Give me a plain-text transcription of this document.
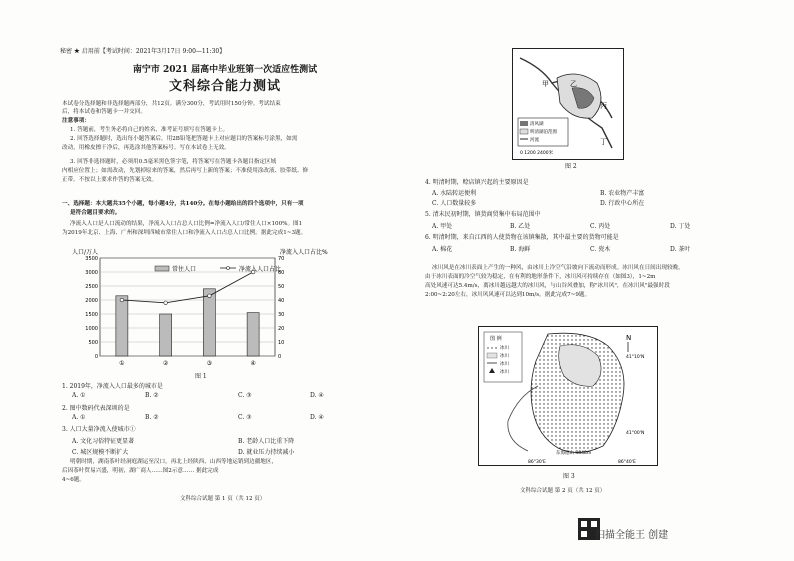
秘密 ★ 启用前【考试时间：2021年3月17日 9:00—11:30】
南宁市 2021 届高中毕业班第一次适应性测试
文科综合能力测试
本试卷分选择题和非选择题两部分，共12页。满分300分，考试用时150分钟。考试结束
后，将本试卷和答题卡一并交回。
注意事项：
1. 答题前，考生务必将自己的姓名、准考证号填写在答题卡上。
2. 回答选择题时，选出每小题答案后，用2B铅笔把答题卡上对应题目的答案标号涂黑，如需
改动，用橡皮擦干净后，再选涂其他答案标号。写在本试卷上无效。
3. 回答非选择题时，必须用0.5毫米黑色签字笔，将答案写在答题卡各题目指定区域
内相应位置上；如需改动，先划掉原来的答案，然后再写上新的答案；不准使用涂改液、胶带纸、修
正带。不按以上要求作答的答案无效。
一、选择题：本大题共35个小题，每小题4分，共140分。在每小题给出的四个选项中，只有一项
是符合题目要求的。
净流入人口是人口流动的结果，净流入人口占总人口比例=净流入人口/常住人口×100%。图1
为2019年北京、上海、广州和深圳四城市常住人口和净流入人口占总人口比例。据此完成1~3题。
人口/万人	净流入人口占比%
0
500
1000
1500
2000
2500
3000
3500
0
10
20
30
40
50
60
70
①	②	③	④
常住人口	净流入人口占比
图 1
1. 2019年，净流入人口最多的城市是
A. ①	B. ②	C. ③	D. ④
2. 图中数码代表深圳的是
A. ①	B. ②	C. ③	D. ④
3. 人口大量净流入使城市①
A. 文化习俗特征更显著	B. 老龄人口比重下降
C. 城区规模不断扩大	D. 就业压力持续减小
明朝时期，湖南茶叶经洞庭湖运至汉口，再北上经陕西、山西等地运销到边疆地区，
后因茶叶贸易兴盛，明初，湖广商人……图2示意…… 据此完成
4~6题。
文科综合试题 第 1 页（共 12 页）
清风湖
明清湖泊范围
河流
0 1200 2400米
甲	乙
丙
丁
图 2
4. 明清时期，赊店镇兴起的主要原因是
A. 水陆转运便利	B. 农业物产丰富
C. 人口数量较多	D. 行政中心所在
5. 清末民初时期，镇货商贸集中布局范围中
A. 甲处	B. 乙处	C. 丙处	D. 丁处
6. 明清时期，来自江西的人使货物在该镇集散，其中最主要的货物可能是
A. 棉花	B. 海鲜	C. 瓷木	D. 茶叶
冰川风是在冰川表面上产生的一种风，由冰川上冷空气沿坡向下流动而形成。冰川风在日间出现较晚，
由于冰川表面的冷空气较为稳定，在有利的地形条件下，冰川风可持续存在（如图3），1~2m
高处风速可达5.4m/s，离冰川越远越大的冰川风，与山谷风叠加，称"冰川风"，在冰川风"最强时段
2:00~2:20左右，冰川风风速可以达到10m/s。据此完成7~9题。
图 例
冰川
冰川
冰川
冰川
N
41°10'N
41°00'N
86°30'E	86°40'E
东海德山 3848m
图 3
文科综合试题 第 2 页（共 12 页）
扫描全能王 创建
